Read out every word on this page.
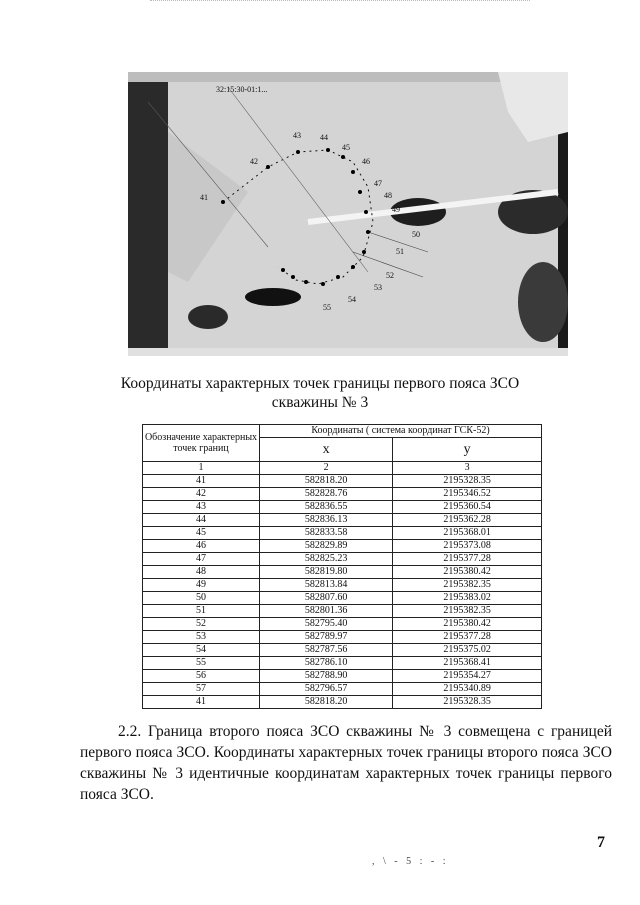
32:15:30-01:1...
41
42
43 44
45
46
47
48
49
50
51
52
53
54
55
56
Координаты характерных точек границы первого пояса ЗСО
скважины № 3
Обозначение характерных точек границ	Координаты ( система координат ГСК-52)	
	x	у
1	2	3
41	582818.20	2195328.35
42	582828.76	2195346.52
43	582836.55	2195360.54
44	582836.13	2195362.28
45	582833.58	2195368.01
46	582829.89	2195373.08
47	582825.23	2195377.28
48	582819.80	2195380.42
49	582813.84	2195382.35
50	582807.60	2195383.02
51	582801.36	2195382.35
52	582795.40	2195380.42
53	582789.97	2195377.28
54	582787.56	2195375.02
55	582786.10	2195368.41
56	582788.90	2195354.27
57	582796.57	2195340.89
41	582818.20	2195328.35
2.2. Граница второго пояса ЗСО скважины № 3 совмещена с границей первого пояса ЗСО. Координаты характерных точек границы второго пояса ЗСО скважины № 3 идентичные координатам характерных точек границы первого пояса ЗСО.
7
, \ - 5 : - :
